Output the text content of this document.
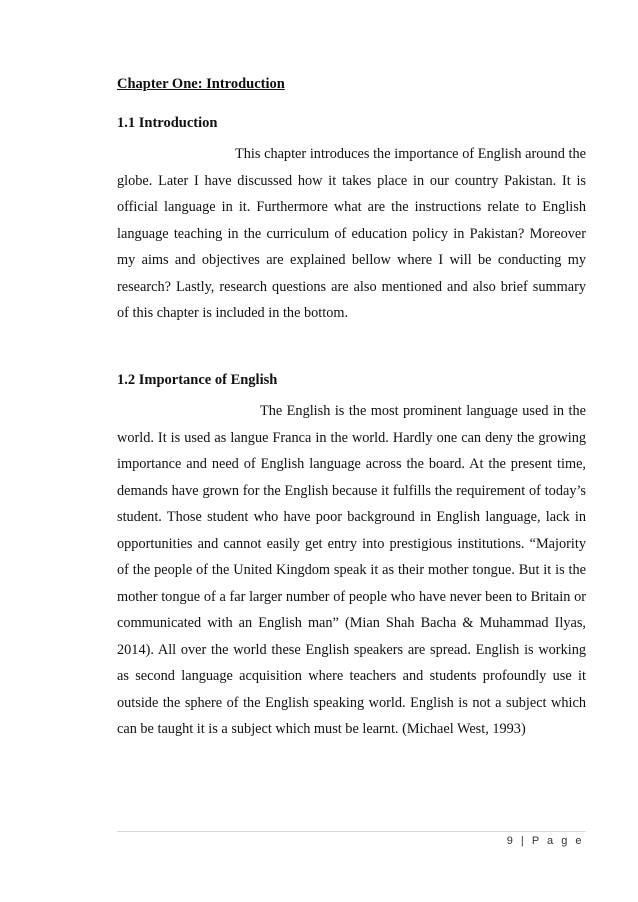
Chapter One: Introduction
1.1 Introduction

This chapter introduces the importance of English around the globe. Later I have discussed how it takes place in our country Pakistan. It is official language in it. Furthermore what are the instructions relate to English language teaching in the curriculum of education policy in Pakistan? Moreover my aims and objectives are explained bellow where I will be conducting my research? Lastly, research questions are also mentioned and also brief summary of this chapter is included in the bottom.

1.2 Importance of English

The English is the most prominent language used in the world. It is used as langue Franca in the world. Hardly one can deny the growing importance and need of English language across the board. At the present time, demands have grown for the English because it fulfills the requirement of today’s student. Those student who have poor background in English language, lack in opportunities and cannot easily get entry into prestigious institutions. “Majority of the people of the United Kingdom speak it as their mother tongue. But it is the mother tongue of a far larger number of people who have never been to Britain or communicated with an English man” (Mian Shah Bacha & Muhammad Ilyas, 2014). All over the world these English speakers are spread. English is working as second language acquisition where teachers and students profoundly use it outside the sphere of the English speaking world. English is not a subject which can be taught it is a subject which must be learnt. (Michael West, 1993)

9 | P a g e
